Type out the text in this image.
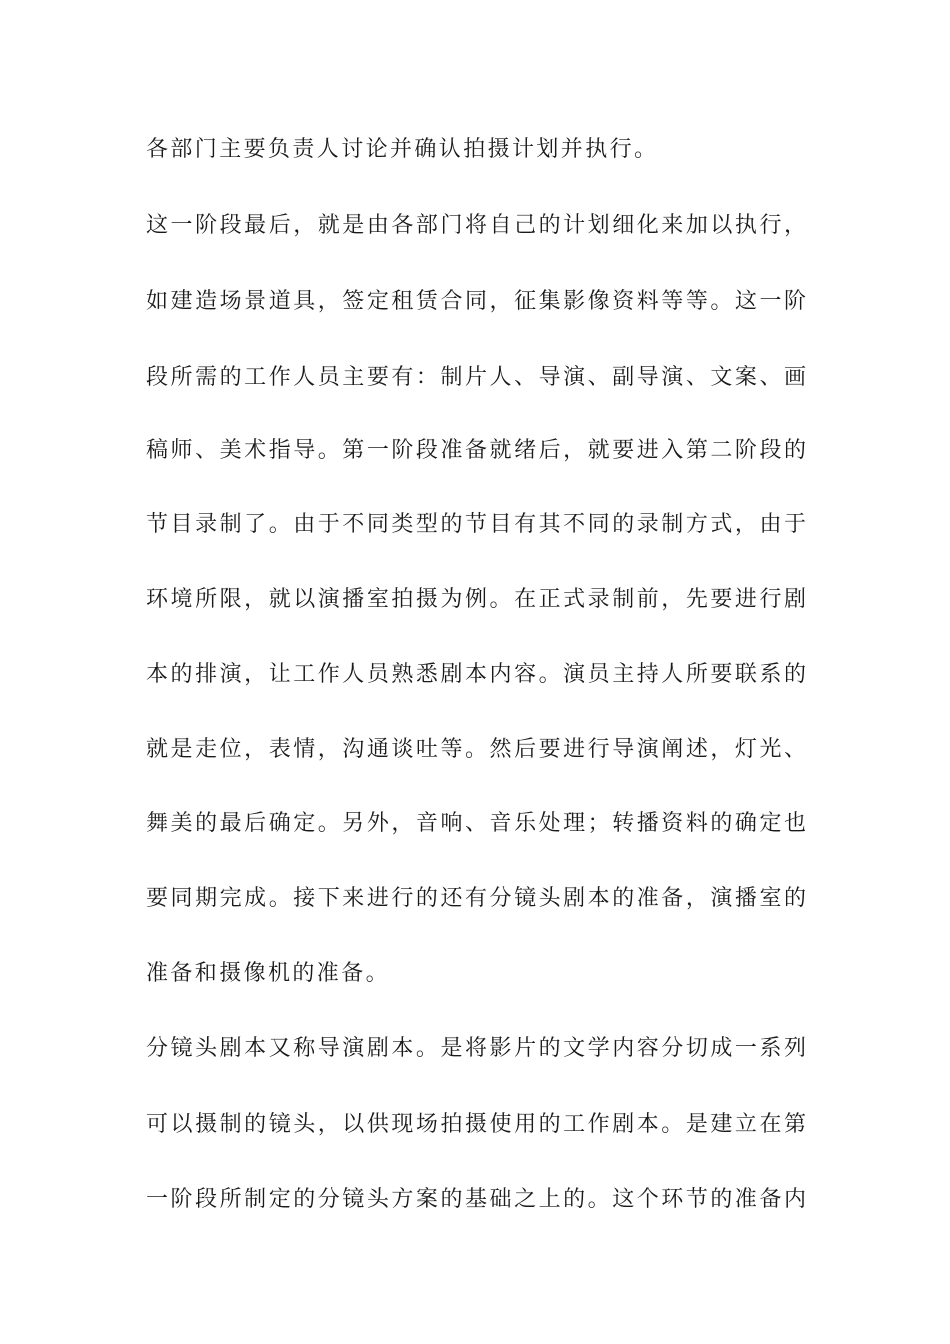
各部门主要负责人讨论并确认拍摄计划并执行。
这一阶段最后，就是由各部门将自己的计划细化来加以执行，
如建造场景道具，签定租赁合同，征集影像资料等等。这一阶
段所需的工作人员主要有：制片人、导演、副导演、文案、画
稿师、美术指导。第一阶段准备就绪后，就要进入第二阶段的
节目录制了。由于不同类型的节目有其不同的录制方式，由于
环境所限，就以演播室拍摄为例。在正式录制前，先要进行剧
本的排演，让工作人员熟悉剧本内容。演员主持人所要联系的
就是走位，表情，沟通谈吐等。然后要进行导演阐述，灯光、
舞美的最后确定。另外，音响、音乐处理；转播资料的确定也
要同期完成。接下来进行的还有分镜头剧本的准备，演播室的
准备和摄像机的准备。
分镜头剧本又称导演剧本。是将影片的文学内容分切成一系列
可以摄制的镜头，以供现场拍摄使用的工作剧本。是建立在第
一阶段所制定的分镜头方案的基础之上的。这个环节的准备内
